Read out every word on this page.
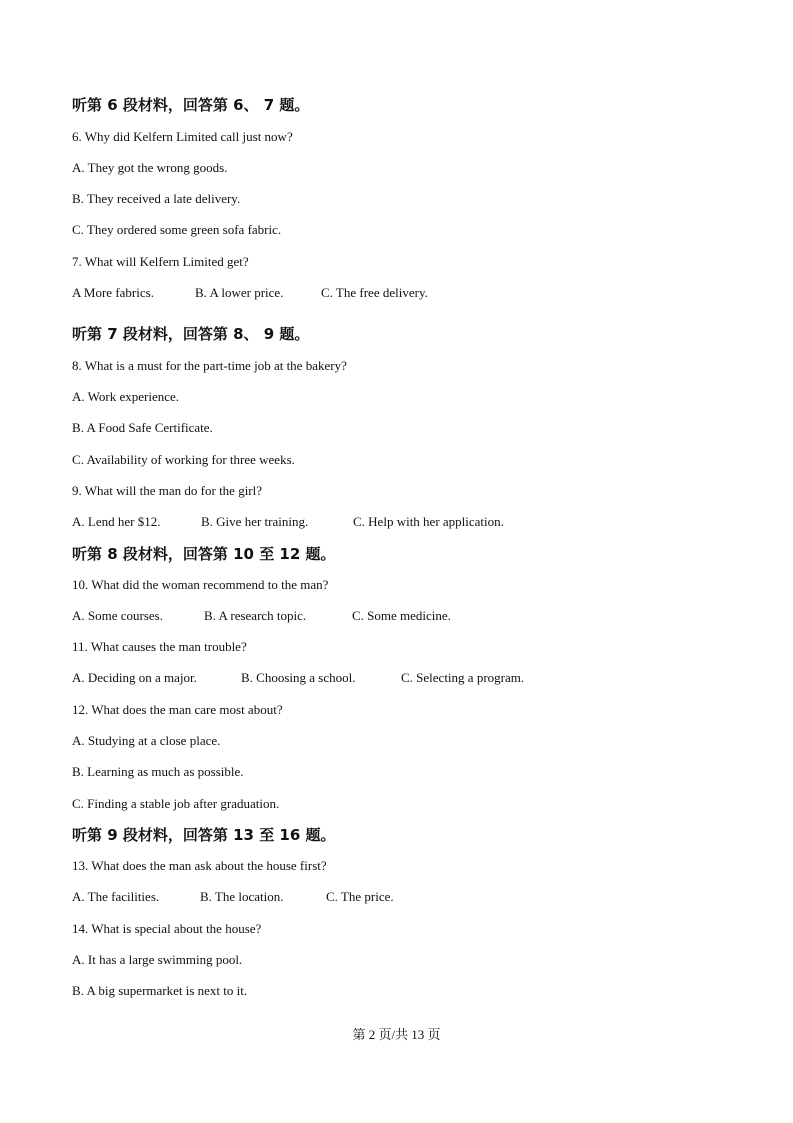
听第 6 段材料，回答第 6、 7 题。
6. Why did Kelfern Limited call just now?
A. They got the wrong goods.
B. They received a late delivery.
C. They ordered some green sofa fabric.
7. What will Kelfern Limited get?
A More fabrics.	B. A lower price.	C. The free delivery.
听第 7 段材料，回答第 8、 9 题。
8. What is a must for the part-time job at the bakery?
A. Work experience.
B. A Food Safe Certificate.
C. Availability of working for three weeks.
9. What will the man do for the girl?
A. Lend her $12.	B. Give her training.	C. Help with her application.
听第 8 段材料，回答第 10 至 12 题。
10. What did the woman recommend to the man?
A. Some courses.	B. A research topic.	C. Some medicine.
11. What causes the man trouble?
A. Deciding on a major.	B. Choosing a school.	C. Selecting a program.
12. What does the man care most about?
A. Studying at a close place.
B. Learning as much as possible.
C. Finding a stable job after graduation.
听第 9 段材料，回答第 13 至 16 题。
13. What does the man ask about the house first?
A. The facilities.	B. The location.	C. The price.
14. What is special about the house?
A. It has a large swimming pool.
B. A big supermarket is next to it.
第 2 页/共 13 页
